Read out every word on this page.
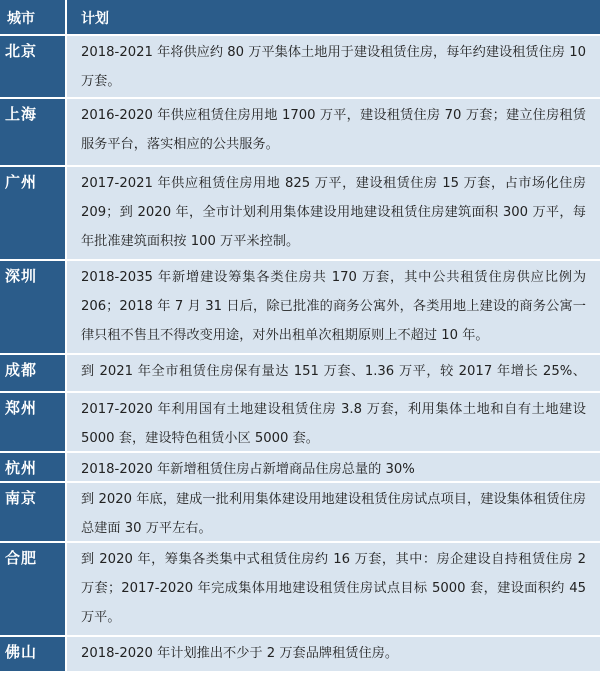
城市	计划
北京	2018-2021 年将供应约 80 万平集体土地用于建设租赁住房，每年约建设租赁住房 10 万套。
上海	2016-2020 年供应租赁住房用地 1700 万平，建设租赁住房 70 万套；建立住房租赁服务平台，落实相应的公共服务。
广州	2017-2021 年供应租赁住房用地 825 万平，建设租赁住房 15 万套，占市场化住房 209；到 2020 年，全市计划利用集体建设用地建设租赁住房建筑面积 300 万平，每年批准建筑面积按 100 万平米控制。
深圳	2018-2035 年新增建设筹集各类住房共 170 万套，其中公共租赁住房供应比例为 206；2018 年 7 月 31 日后，除已批准的商务公寓外，各类用地上建设的商务公寓一律只租不售且不得改变用途，对外出租单次租期原则上不超过 10 年。
成都	到 2021 年全市租赁住房保有量达 151 万套、1.36 万平，较 2017 年增长 25%、
郑州	2017-2020 年利用国有土地建设租赁住房 3.8 万套，利用集体土地和自有土地建设 5000 套，建设特色租赁小区 5000 套。
杭州	2018-2020 年新增租赁住房占新增商品住房总量的 30%
南京	到 2020 年底，建成一批利用集体建设用地建设租赁住房试点项目，建设集体租赁住房总建面 30 万平左右。
合肥	到 2020 年，筹集各类集中式租赁住房约 16 万套，其中：房企建设自持租赁住房 2 万套；2017-2020 年完成集体用地建设租赁住房试点目标 5000 套，建设面积约 45 万平。
佛山	2018-2020 年计划推出不少于 2 万套品牌租赁住房。
